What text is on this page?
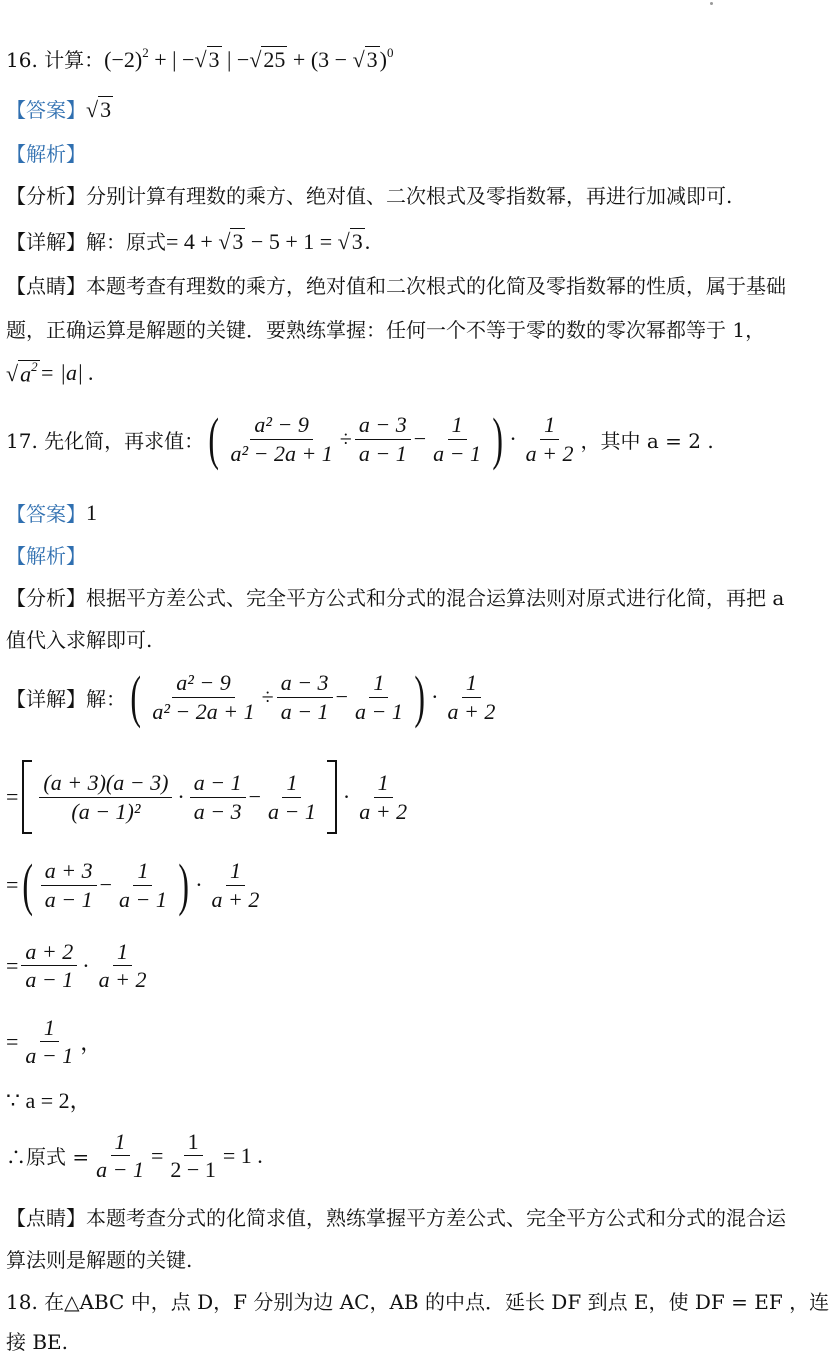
16. 计算： $(-2)^2$ + | −√ 3 | −√ 25 + (3 − √ 3 )$^0$
【答案】 √ 3
【解析】
【分析】 分别计算有理数的乘方、绝对值、二次根式及零指数幂，再进行加减即可.
【详解】 解：原式 = 4 + √ 3 − 5 + 1 = √ 3 .
【点睛】 本题考查有理数的乘方，绝对值和二次根式的化简及零指数幂的性质，属于基础
题，正确运算是解题的关键．要熟练掌握：任何一个不等于零的数的零次幂都等于 1，
√ $a^2 = |a|$ .
17. 先化简，再求值： ( $\frac{\text{a² − 9}}{\text{a² − 2a + 1}} \div \frac{a - 3}{a - 1} - \frac{1}{a - 1}$ ) · $\frac{1}{a + 2}$ ，其中 a = 2 .
【答案】 1
【解析】
【分析】 根据平方差公式、完全平方公式和分式的混合运算法则对原式进行化简，再把 a
值代入求解即可.
【详解】 解： ( $\frac{\text{a² − 9}}{\text{a² − 2a + 1}} \div \frac{a - 3}{a - 1} - \frac{1}{a - 1}$ ) · $\frac{1}{a + 2}$
= $\frac{(a + 3)(a - 3)}{\text{(a − 1)²}} \cdot \frac{a - 1}{a - 3} - \frac{1}{a - 1} \cdot \frac{1}{a + 2}$
= ( $\frac{a + 3}{a - 1} - \frac{1}{a - 1}$ ) · $\frac{1}{a + 2}$
= $\frac{a + 2}{a - 1} \cdot \frac{1}{a + 2}$
= $\frac{1}{a - 1}$ ，
∵ a = 2，
∴原式 = $\frac{1}{a - 1} = \frac{1}{2 - 1} = 1$ .
【点睛】 本题考查分式的化简求值，熟练掌握平方差公式、完全平方公式和分式的混合运
算法则是解题的关键.
18. 在△ABC 中，点 D，F 分别为边 AC，AB 的中点．延长 DF 到点 E，使 DF = EF ，连
接 BE.
